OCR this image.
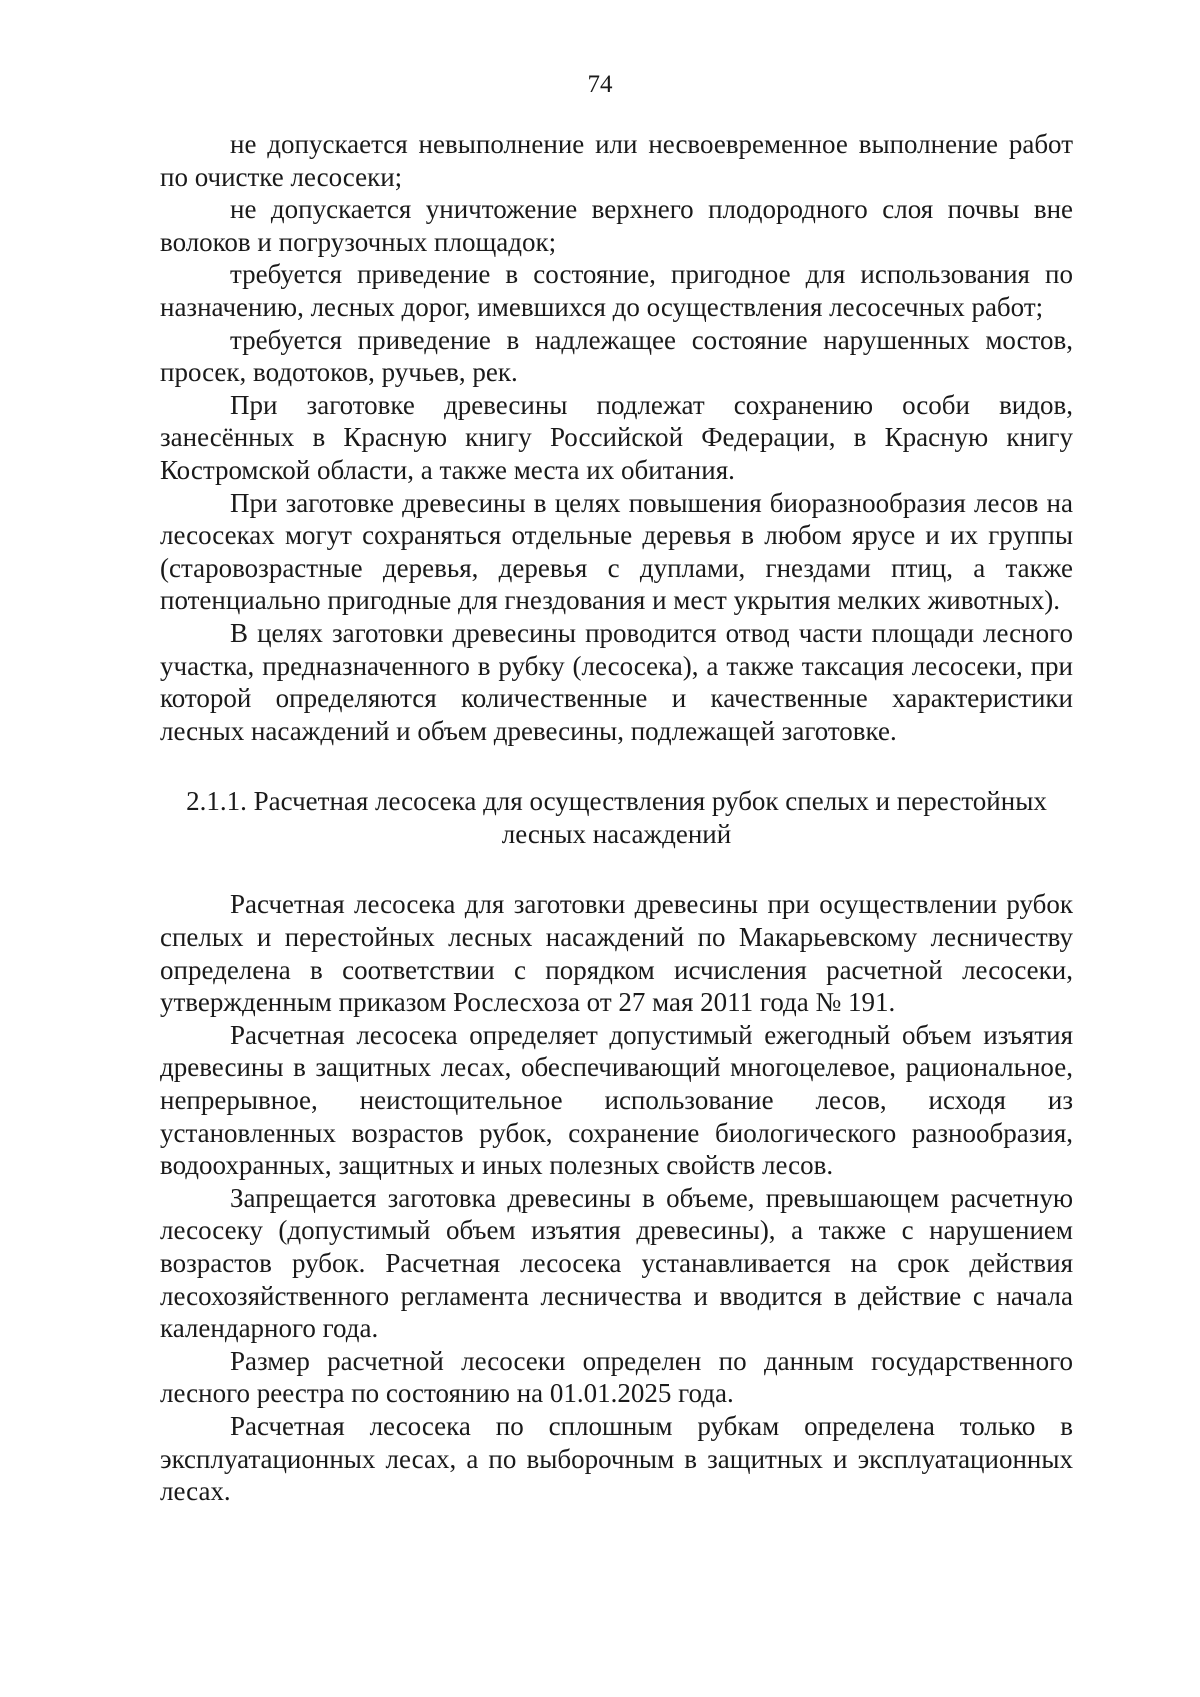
74

не допускается невыполнение или несвоевременное выполнение работ по очистке лесосеки;

не допускается уничтожение верхнего плодородного слоя почвы вне волоков и погрузочных площадок;

требуется приведение в состояние, пригодное для использования по назначению, лесных дорог, имевшихся до осуществления лесосечных работ;

требуется приведение в надлежащее состояние нарушенных мостов, просек, водотоков, ручьев, рек.

При заготовке древесины подлежат сохранению особи видов, занесённых в Красную книгу Российской Федерации, в Красную книгу Костромской области, а также места их обитания.

При заготовке древесины в целях повышения биоразнообразия лесов на лесосеках могут сохраняться отдельные деревья в любом ярусе и их группы (старовозрастные деревья, деревья с дуплами, гнездами птиц, а также потенциально пригодные для гнездования и мест укрытия мелких животных).

В целях заготовки древесины проводится отвод части площади лесного участка, предназначенного в рубку (лесосека), а также таксация лесосеки, при которой определяются количественные и качественные характеристики лесных насаждений и объем древесины, подлежащей заготовке.

2.1.1. Расчетная лесосека для осуществления рубок спелых и перестойных
лесных насаждений

Расчетная лесосека для заготовки древесины при осуществлении рубок спелых и перестойных лесных насаждений по Макарьевскому лесничеству определена в соответствии с порядком исчисления расчетной лесосеки, утвержденным приказом Рослесхоза от 27 мая 2011 года № 191.

Расчетная лесосека определяет допустимый ежегодный объем изъятия древесины в защитных лесах, обеспечивающий многоцелевое, рациональное, непрерывное, неистощительное использование лесов, исходя из установленных возрастов рубок, сохранение биологического разнообразия, водоохранных, защитных и иных полезных свойств лесов.

Запрещается заготовка древесины в объеме, превышающем расчетную лесосеку (допустимый объем изъятия древесины), а также с нарушением возрастов рубок. Расчетная лесосека устанавливается на срок действия лесохозяйственного регламента лесничества и вводится в действие с начала календарного года.

Размер расчетной лесосеки определен по данным государственного лесного реестра по состоянию на 01.01.2025 года.

Расчетная лесосека по сплошным рубкам определена только в эксплуатационных лесах, а по выборочным в защитных и эксплуатационных лесах.
